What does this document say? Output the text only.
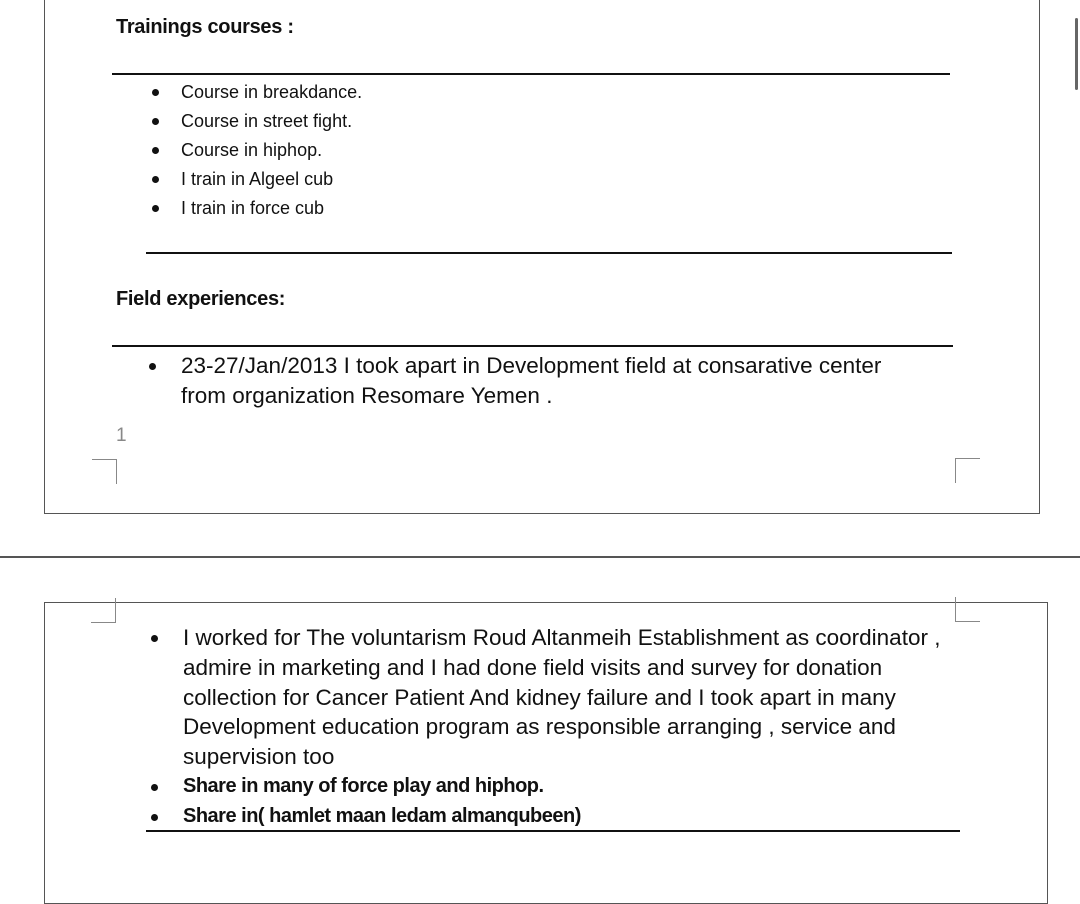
Trainings courses :
Course in breakdance.
Course in street fight.
Course in hiphop.
I train in Algeel cub
I train in force cub
Field experiences:
23-27/Jan/2013 I took apart in Development field at consarative center from organization Resomare Yemen .
1
I worked for The voluntarism Roud Altanmeih Establishment as coordinator , admire in marketing and I had done field visits and survey for donation collection for Cancer Patient And kidney failure and I took apart in many Development education program as responsible arranging , service and supervision too
Share in many of force play and hiphop.
Share in( hamlet maan ledam almanqubeen)
